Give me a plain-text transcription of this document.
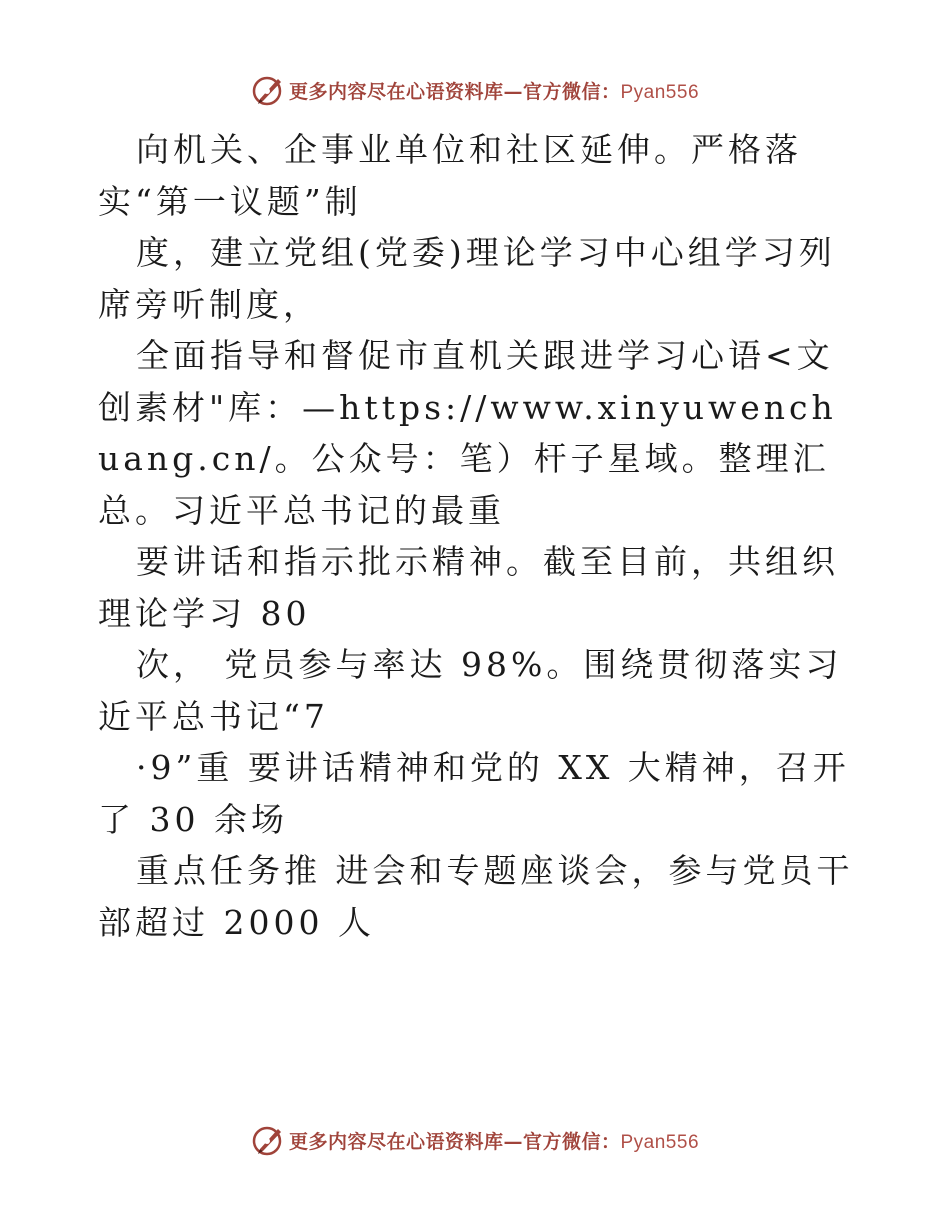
更多内容尽在心语资料库—官方微信：Pyan556

向机关、企事业单位和社区延伸。严格落实“第一议题”制

度，建立党组(党委)理论学习中心组学习列席旁听制度，

全面指导和督促市直机关跟进学习心语<文创素材"库：—https://www.xinyuwenchuang.cn/。公众号：笔）杆子星域。整理汇总。习近平总书记的最重

要讲话和指示批示精神。截至目前，共组织理论学习 80

次， 党员参与率达 98%。围绕贯彻落实习近平总书记“7

·9”重 要讲话精神和党的 XX 大精神，召开了 30 余场

重点任务推 进会和专题座谈会，参与党员干部超过 2000 人

更多内容尽在心语资料库—官方微信：Pyan556
